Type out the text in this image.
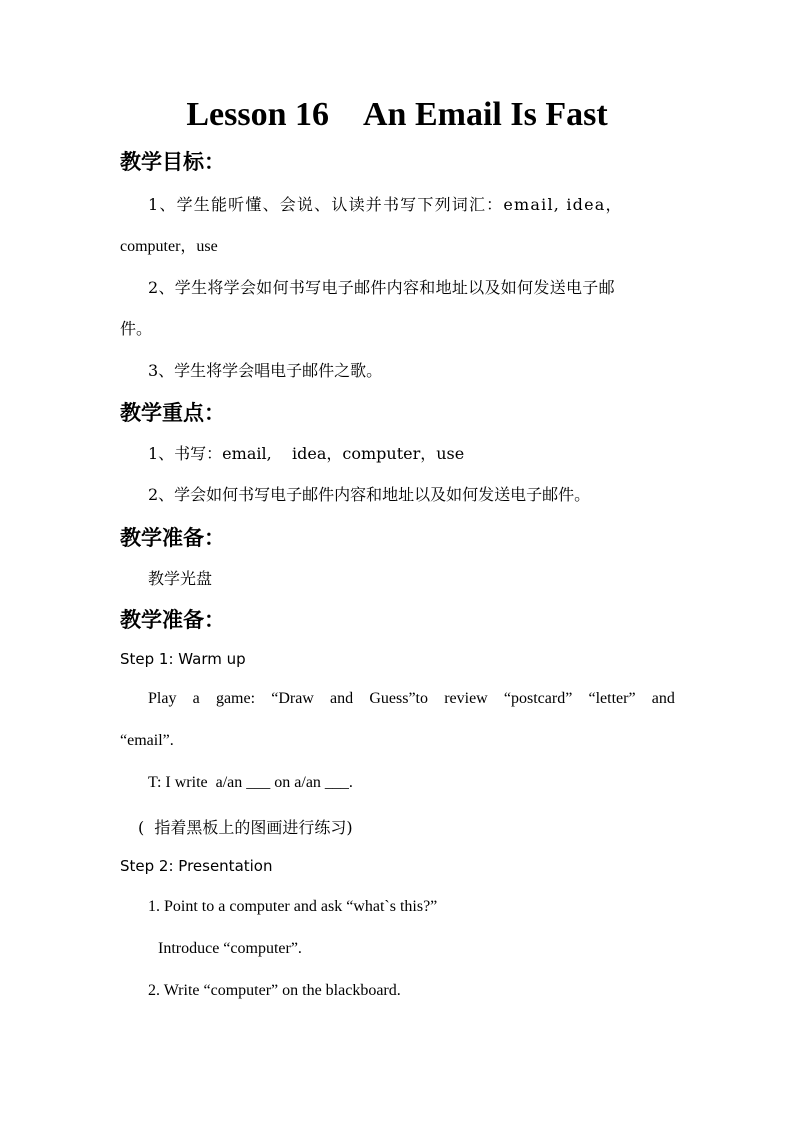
Lesson 16 An Email Is Fast
教学目标：
1、学生能听懂、会说、认读并书写下列词汇：email, idea，
computer，use
2、学生将学会如何书写电子邮件内容和地址以及如何发送电子邮
件。
3、学生将学会唱电子邮件之歌。
教学重点：
1、书写：email,    idea，computer，use
2、学会如何书写电子邮件内容和地址以及如何发送电子邮件。
教学准备：
教学光盘
教学准备：
Step 1: Warm up
Play a game: “Draw and Guess”to review “postcard” “letter” and
“email”.
T: I write  a/an ___ on a/an ___.
(  指着黑板上的图画进行练习)
Step 2: Presentation
1. Point to a computer and ask “what`s this?”
Introduce “computer”.
2. Write “computer” on the blackboard.
